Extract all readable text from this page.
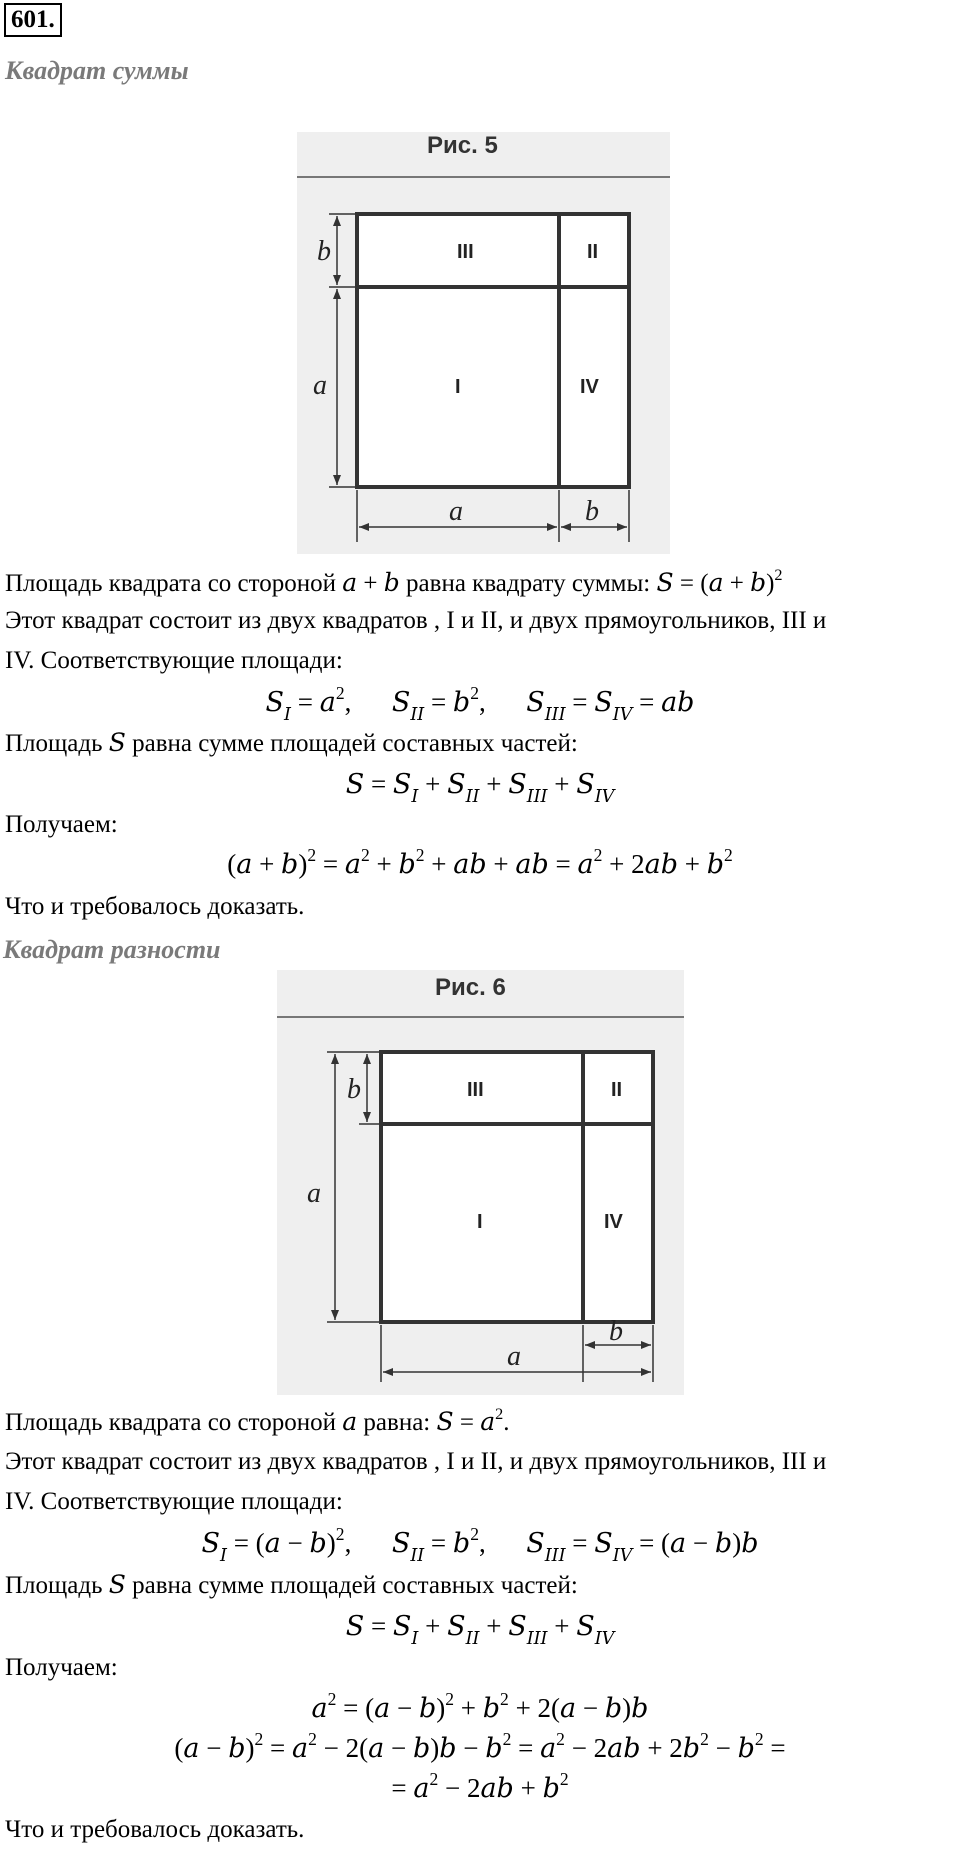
601.
Квадрат суммы
Рис. 5
III	II
I	IV
b
a
a	b
Площадь квадрата со стороной a + b равна квадрату суммы: $S = (a + b)^2$
Этот квадрат состоит из двух квадратов , I и II, и двух прямоугольников, III и
IV. Соответствующие площади:
$S_I = a^2$,      $S_{II} = b^2$,      $S_{III} = S_{IV}$ = ab
Площадь S равна сумме площадей составных частей:
$S = S_I + S_{II} + S_{III} + S_{IV}$
Получаем:
$(a + b)^2 = a^2 + b^2$ + ab + ab = $a^2 + 2ab + b^2$
Что и требовалось доказать.
Квадрат разности
Рис. 6
III	II
I	IV
b
a
a
b
Площадь квадрата со стороной a равна: $S = a^2$.
Этот квадрат состоит из двух квадратов , I и II, и двух прямоугольников, III и
IV. Соответствующие площади:
$S_I = (a - b)^2$,      $S_{II} = b^2$,      $S_{III} = S_{IV} = (a - b)b$
Площадь S равна сумме площадей составных частей:
$S = S_I + S_{II} + S_{III} + S_{IV}$
Получаем:
$a^2 = (a - b)^2 + b^2 + 2(a - b)b$
$(a - b)^2 = a^2 - 2(a - b)b - b^2 = a^2 - 2ab + 2b^2 - b^2$ =
= $a^2 - 2ab + b^2$
Что и требовалось доказать.
